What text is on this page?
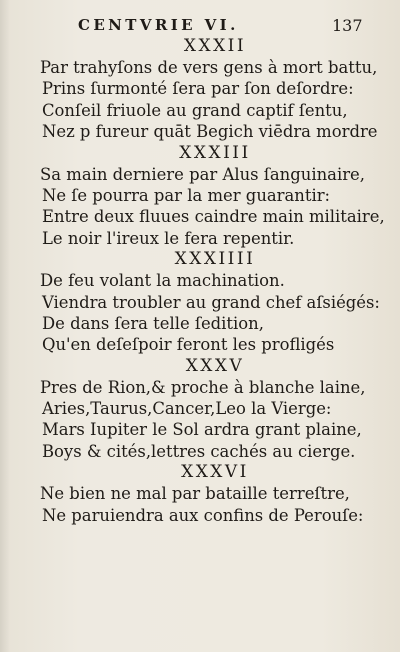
CENTVRIE VI.	137
XXXII
Par trahyſons de vers gens à mort battu,
Prins ſurmonté ſera par ſon deſordre:
Conſeil friuole au grand captif ſentu,
Nez p fureur quāt Begich viēdra mordre
XXXIII
Sa main derniere par Alus ſanguinaire,
Ne ſe pourra par la mer guarantir:
Entre deux fluues caindre main militaire,
Le noir l'ireux le fera repentir.
XXXIIII
De feu volant la machination.
Viendra troubler au grand chef aſsiégés:
De dans ſera telle ſedition,
Qu'en deſeſpoir feront les profligés
XXXV
Pres de Rion,& proche à blanche laine,
Aries,Taurus,Cancer,Leo la Vierge:
Mars Iupiter le Sol ardra grant plaine,
Boys & cités,lettres cachés au cierge.
XXXVI
Ne bien ne mal par bataille terreſtre,
Ne paruiendra aux confins de Perouſe:
